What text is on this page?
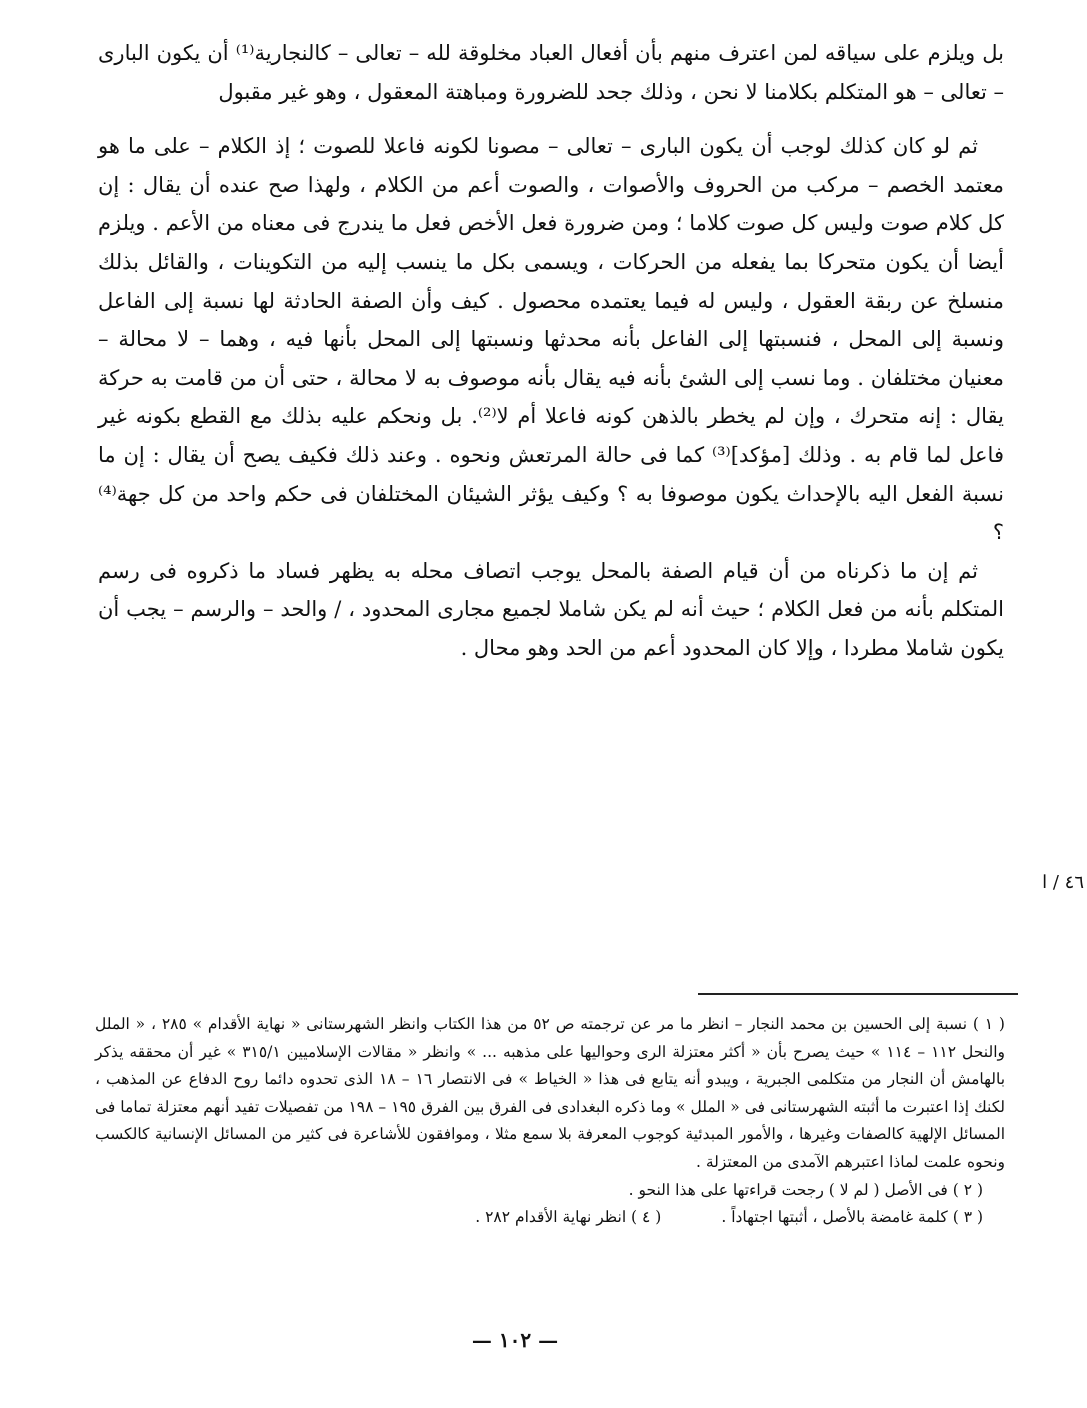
بل ويلزم على سياقه لمن اعترف منهم بأن أفعال العباد مخلوقة لله – تعالى – كالنجارية⁽¹⁾ أن يكون البارى – تعالى – هو المتكلم بكلامنا لا نحن ، وذلك جحد للضرورة ومباهتة المعقول ، وهو غير مقبول

ثم لو كان كذلك لوجب أن يكون البارى – تعالى – مصونا لكونه فاعلا للصوت ؛ إذ الكلام – على ما هو معتمد الخصم – مركب من الحروف والأصوات ، والصوت أعم من الكلام ، ولهذا صح عنده أن يقال : إن كل كلام صوت وليس كل صوت كلاما ؛ ومن ضرورة فعل الأخص فعل ما يندرج فى معناه من الأعم . ويلزم أيضا أن يكون متحركا بما يفعله من الحركات ، ويسمى بكل ما ينسب إليه من التكوينات ، والقائل بذلك منسلخ عن ربقة العقول ، وليس له فيما يعتمده محصول . كيف وأن الصفة الحادثة لها نسبة إلى الفاعل ونسبة إلى المحل ، فنسبتها إلى الفاعل بأنه محدثها ونسبتها إلى المحل بأنها فيه ، وهما – لا محالة – معنيان مختلفان . وما نسب إلى الشئ بأنه فيه يقال بأنه موصوف به لا محالة ، حتى أن من قامت به حركة يقال : إنه متحرك ، وإن لم يخطر بالذهن كونه فاعلا أم لا⁽²⁾. بل ونحكم عليه بذلك مع القطع بكونه غير فاعل لما قام به . وذلك [مؤكد]⁽³⁾ كما فى حالة المرتعش ونحوه . وعند ذلك فكيف يصح أن يقال : إن ما نسبة الفعل اليه بالإحداث يكون موصوفا به ؟ وكيف يؤثر الشيئان المختلفان فى حكم واحد من كل جهة⁽⁴⁾ ؟

ثم إن ما ذكرناه من أن قيام الصفة بالمحل يوجب اتصاف محله به يظهر فساد ما ذكروه فى رسم المتكلم بأنه من فعل الكلام ؛ حيث أنه لم يكن شاملا لجميع مجارى المحدود ، / والحد – والرسم – يجب أن يكون شاملا مطردا ، وإلا كان المحدود أعم من الحد وهو محال .

٤٦ / ا

( ١ ) نسبة إلى الحسين بن محمد النجار – انظر ما مر عن ترجمته ص ٥٢ من هذا الكتاب وانظر الشهرستانى « نهاية الأقدام » ٢٨٥ ، « الملل والنحل ١١٢ – ١١٤ » حيث يصرح بأن « أكثر معتزلة الرى وحواليها على مذهبه ... » وانظر « مقالات الإسلاميين ٣١٥/١ » غير أن محققه يذكر بالهامش أن النجار من متكلمى الجبرية ، ويبدو أنه يتابع فى هذا « الخياط » فى الانتصار ١٦ – ١٨ الذى تحدوه دائما روح الدفاع عن المذهب ، لكنك إذا اعتبرت ما أثبته الشهرستانى فى « الملل » وما ذكره البغدادى فى الفرق بين الفرق ١٩٥ – ١٩٨ من تفصيلات تفيد أنهم معتزلة تماما فى المسائل الإلهية كالصفات وغيرها ، والأمور المبدئية كوجوب المعرفة بلا سمع مثلا ، وموافقون للأشاعرة فى كثير من المسائل الإنسانية كالكسب ونحوه علمت لماذا اعتبرهم الآمدى من المعتزلة .

( ٢ ) فى الأصل ( لم لا ) رجحت قراءتها على هذا النحو .

( ٣ ) كلمة غامضة بالأصل ، أثبتها اجتهاداً .
( ٤ ) انظر نهاية الأقدام ٢٨٢ .
— ١٠٢ —
